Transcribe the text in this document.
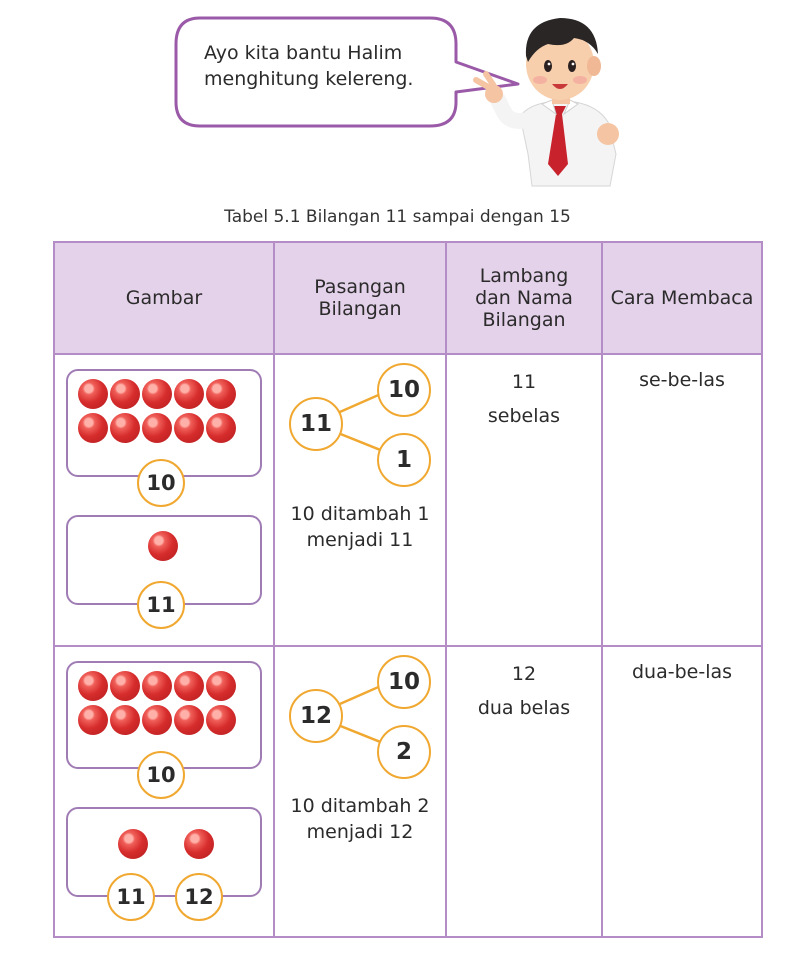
Ayo kita bantu Halim
menghitung kelereng.
Tabel 5.1 Bilangan 11 sampai dengan 15
Gambar	Pasangan
Bilangan
Lambang
dan Nama
Bilangan
Cara Membaca
10
11
11
10
1
10 ditambah 1
menjadi 11
11
sebelas
se-be-las
10
11	12
12
10
2
10 ditambah 2
menjadi 12
12
dua belas
dua-be-las
